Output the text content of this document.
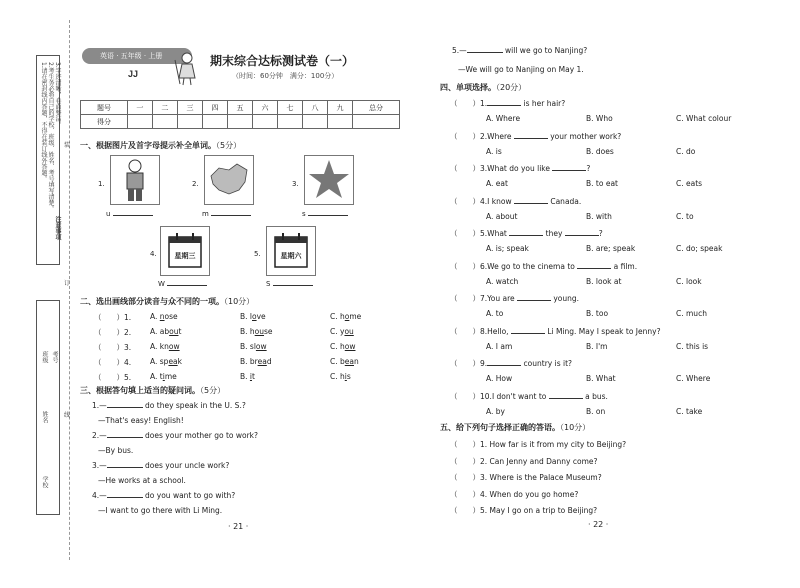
1.请在密封线内答题，不得在装订线外答题。 2.考生务必将自己的学校、班级、姓名、考号填写清楚。 3.字迹清晰，卷面整洁。
注意事项
学校
姓名
班级 考号
装
订
线
英语 · 五年级 · 上册
JJ
期末综合达标测试卷（一）
（时间：60分钟　满分：100分）
题号	一	二	三	四	五	六	七	八	九	总分
得分										
一、根据图片及首字母提示补全单词。（5分）
1.
u
2.
m
3.
s
4.	星期三
W
5.	星期六
S
二、选出画线部分读音与众不同的一项。（10分）
（　　）1.	A. nose	B. love	C. home
（　　）2.	A. about	B. house	C. you
（　　）3.	A. know	B. slow	C. how
（　　）4.	A. speak	B. bread	C. bean
（　　）5.	A. time	B. it	C. his
三、根据答句填上适当的疑问词。（5分）
1.—	do they speak in the U. S.?
—That's easy! English!
2.—	does your mother go to work?
—By bus.
3.—	does your uncle work?
—He works at a school.
4.—	do you want to go with?
—I want to go there with Li Ming.
· 21 ·
5.—	will we go to Nanjing?
—We will go to Nanjing on May 1.
四、单项选择。（20分）
（　　）1.	is her hair?
A. Where	B. Who	C. What colour
（　　）2.Where	your mother work?
A. is	B. does	C. do
（　　）3.What do you like	?
A. eat	B. to eat	C. eats
（　　）4.I know	Canada.
A. about	B. with	C. to
（　　）5.What	they	?
A. is; speak	B. are; speak	C. do; speak
（　　）6.We go to the cinema to	a film.
A. watch	B. look at	C. look
（　　）7.You are	young.
A. to	B. too	C. much
（　　）8.Hello,	Li Ming. May I speak to Jenny?
A. I am	B. I'm	C. this is
（　　）9.	country is it?
A. How	B. What	C. Where
（　　）10.I don't want to	a bus.
A. by	B. on	C. take
五、给下列句子选择正确的答语。（10分）
（　　）1. How far is it from my city to Beijing?
（　　）2. Can Jenny and Danny come?
（　　）3. Where is the Palace Museum?
（　　）4. When do you go home?
（　　）5. May I go on a trip to Beijing?
· 22 ·
